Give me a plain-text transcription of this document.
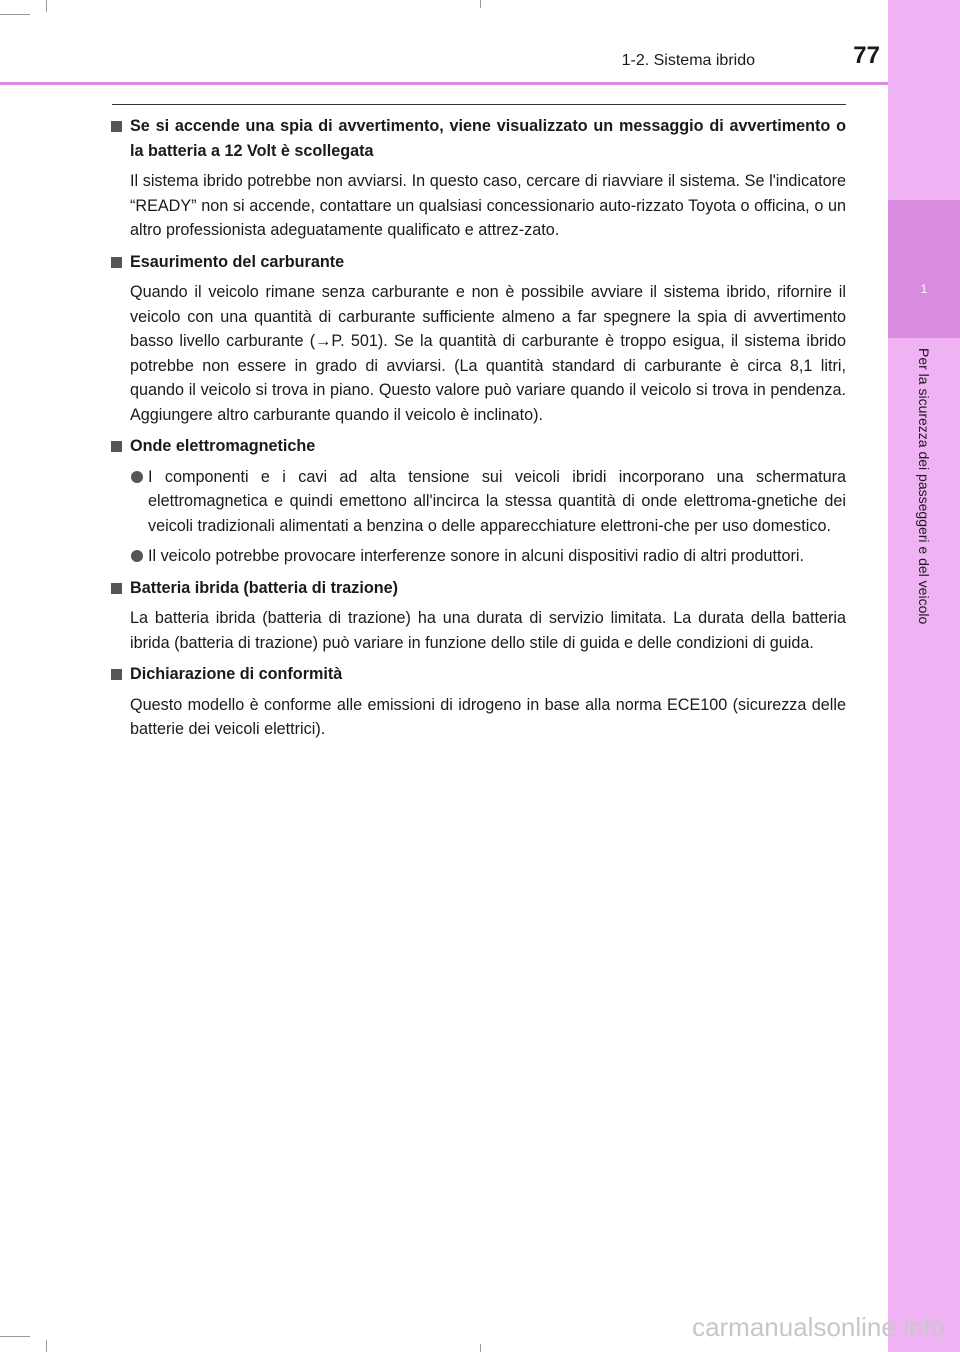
1
Per la sicurezza dei passeggeri e del veicolo
1-2. Sistema ibrido	77
Se si accende una spia di avvertimento, viene visualizzato un messaggio di avvertimento o la batteria a 12 Volt è scollegata
Il sistema ibrido potrebbe non avviarsi. In questo caso, cercare di riavviare il sistema. Se l'indicatore “READY” non si accende, contattare un qualsiasi concessionario auto-rizzato Toyota o officina, o un altro professionista adeguatamente qualificato e attrez-zato.
Esaurimento del carburante
Quando il veicolo rimane senza carburante e non è possibile avviare il sistema ibrido, rifornire il veicolo con una quantità di carburante sufficiente almeno a far spegnere la spia di avvertimento basso livello carburante (→P. 501). Se la quantità di carburante è troppo esigua, il sistema ibrido potrebbe non essere in grado di avviarsi. (La quantità standard di carburante è circa 8,1 litri, quando il veicolo si trova in piano. Questo valore può variare quando il veicolo si trova in pendenza. Aggiungere altro carburante quando il veicolo è inclinato).
Onde elettromagnetiche
I componenti e i cavi ad alta tensione sui veicoli ibridi incorporano una schermatura elettromagnetica e quindi emettono all'incirca la stessa quantità di onde elettroma-gnetiche dei veicoli tradizionali alimentati a benzina o delle apparecchiature elettroni-che per uso domestico.
Il veicolo potrebbe provocare interferenze sonore in alcuni dispositivi radio di altri produttori.
Batteria ibrida (batteria di trazione)
La batteria ibrida (batteria di trazione) ha una durata di servizio limitata. La durata della batteria ibrida (batteria di trazione) può variare in funzione dello stile di guida e delle condizioni di guida.
Dichiarazione di conformità
Questo modello è conforme alle emissioni di idrogeno in base alla norma ECE100 (sicurezza delle batterie dei veicoli elettrici).
carmanualsonline.info
